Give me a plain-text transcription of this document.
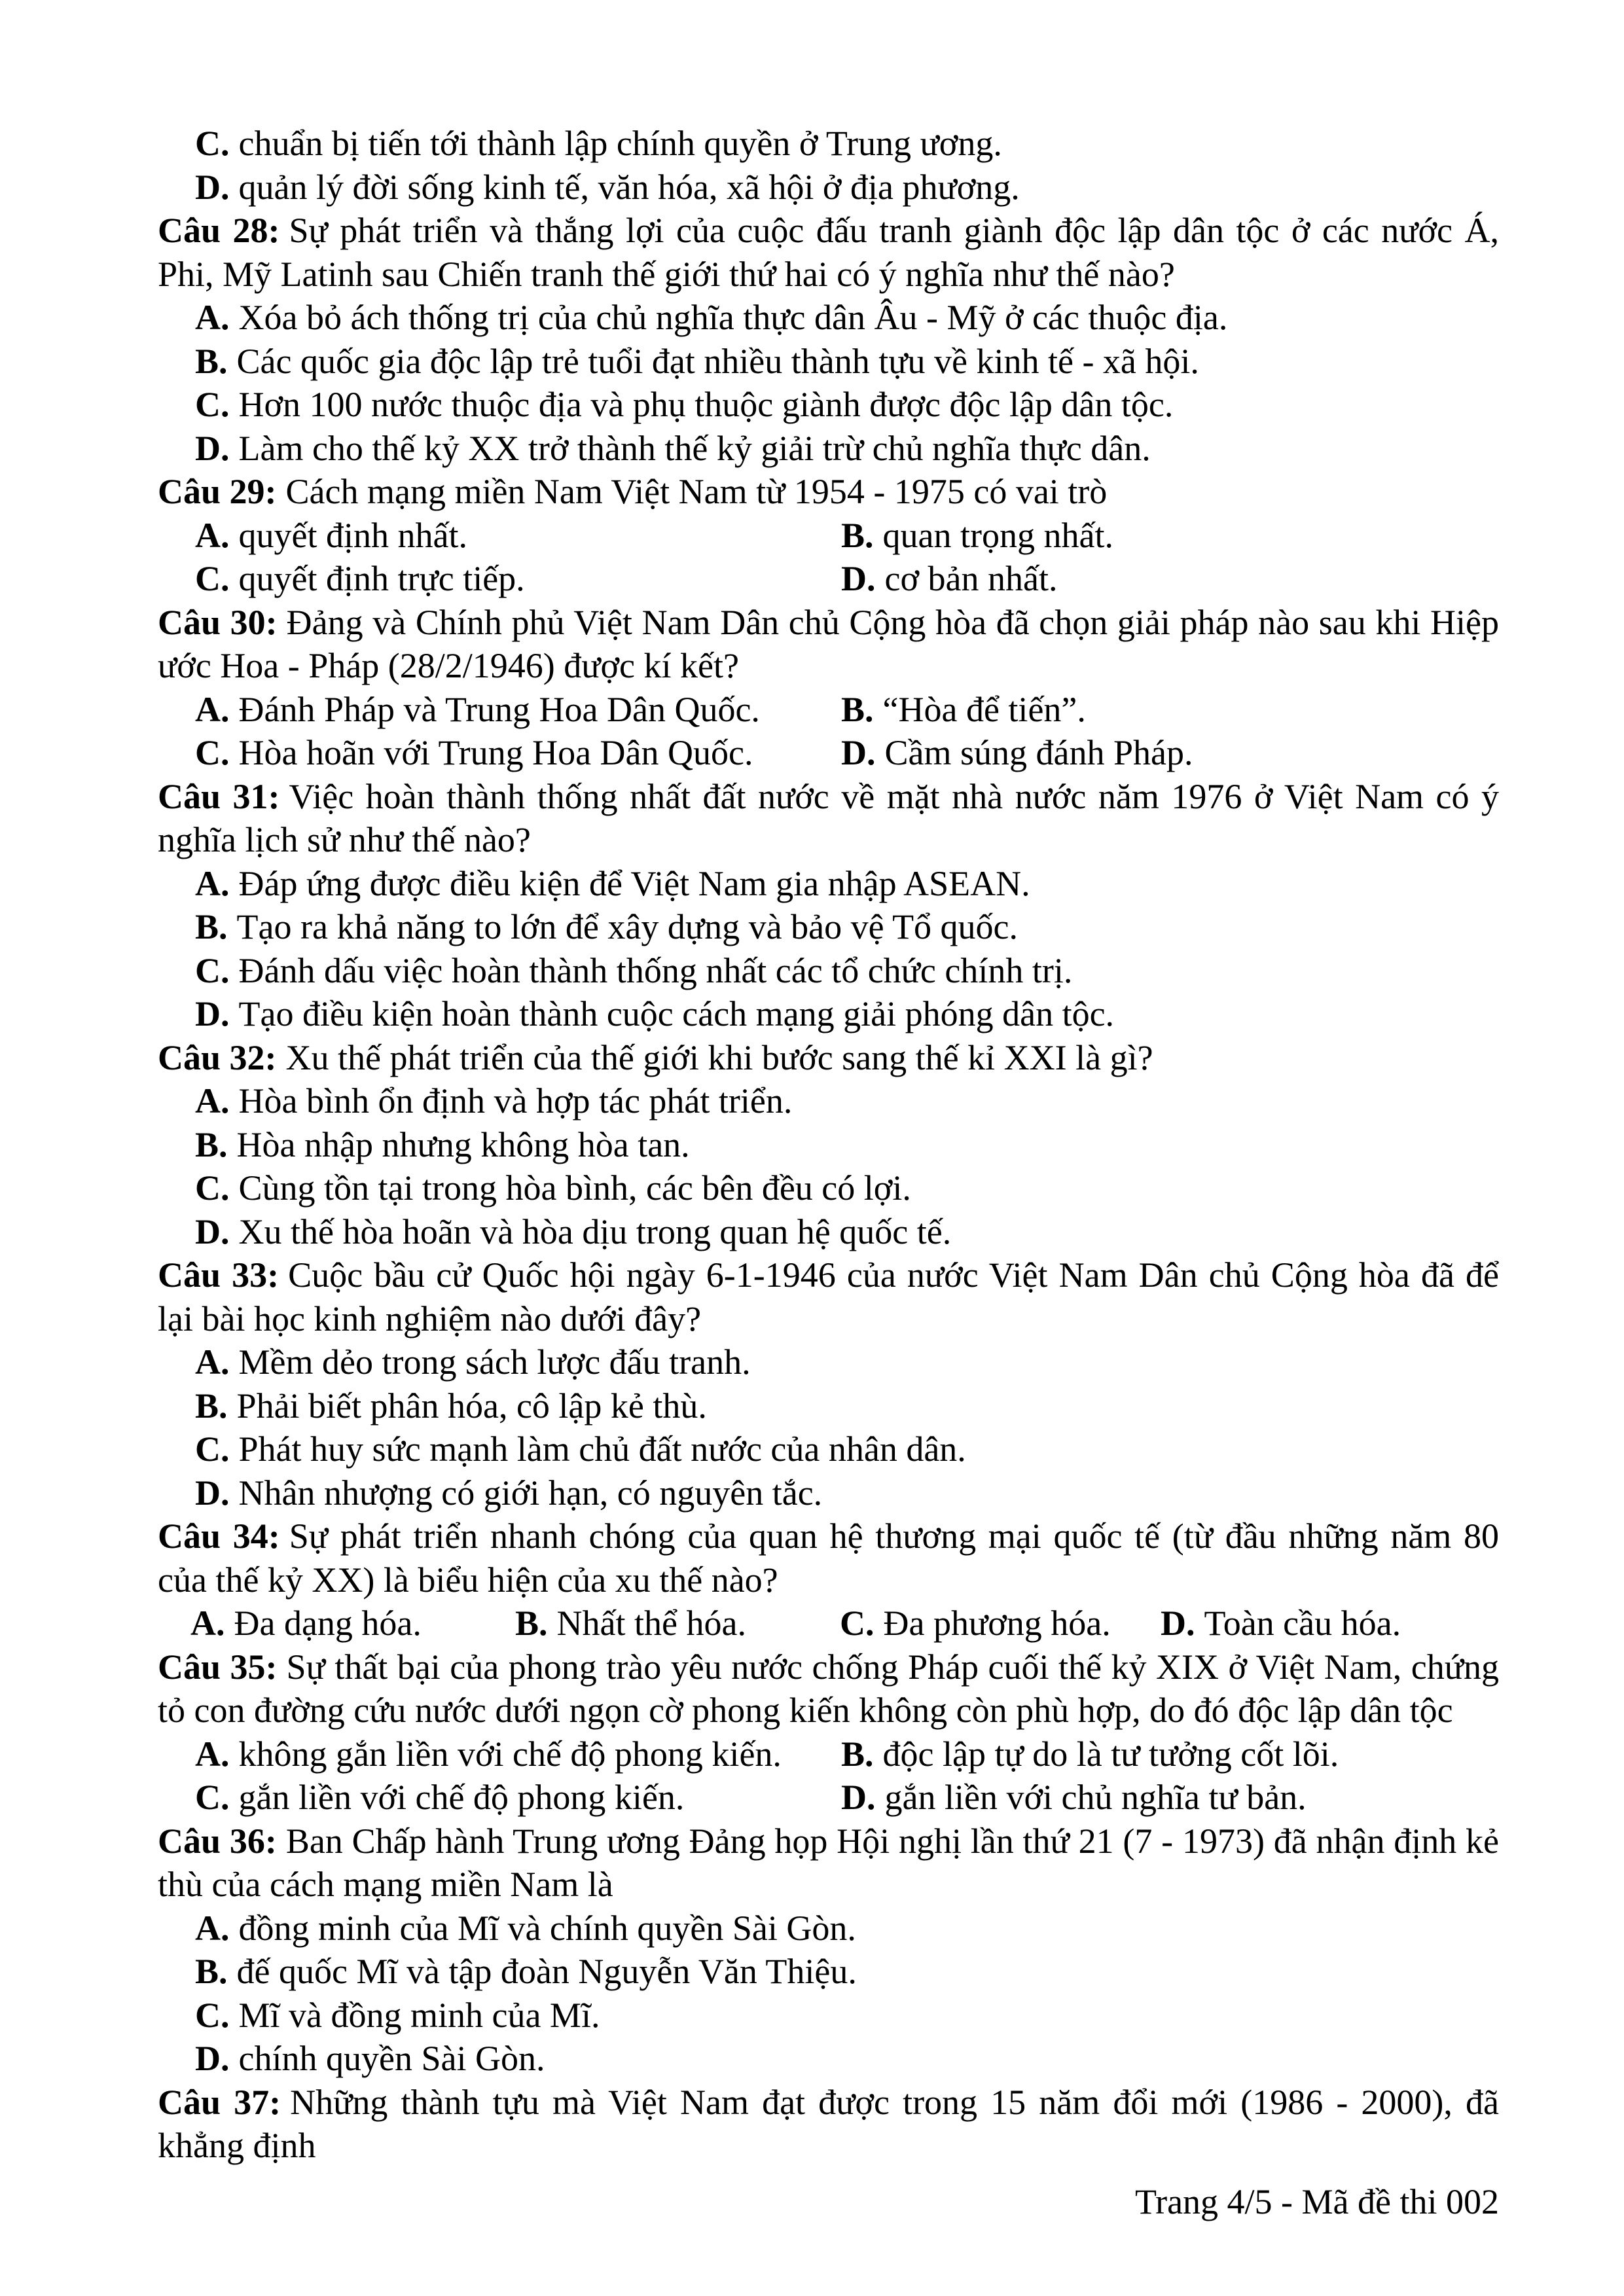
C. chuẩn bị tiến tới thành lập chính quyền ở Trung ương.

D. quản lý đời sống kinh tế, văn hóa, xã hội ở địa phương.

Câu 28: Sự phát triển và thắng lợi của cuộc đấu tranh giành độc lập dân tộc ở các nước Á, Phi, Mỹ Latinh sau Chiến tranh thế giới thứ hai có ý nghĩa như thế nào?

A. Xóa bỏ ách thống trị của chủ nghĩa thực dân Âu - Mỹ ở các thuộc địa.

B. Các quốc gia độc lập trẻ tuổi đạt nhiều thành tựu về kinh tế - xã hội.

C. Hơn 100 nước thuộc địa và phụ thuộc giành được độc lập dân tộc.

D. Làm cho thế kỷ XX trở thành thế kỷ giải trừ chủ nghĩa thực dân.

Câu 29: Cách mạng miền Nam Việt Nam từ 1954 - 1975 có vai trò

A. quyết định nhất.	B. quan trọng nhất.

C. quyết định trực tiếp.	D. cơ bản nhất.

Câu 30: Đảng và Chính phủ Việt Nam Dân chủ Cộng hòa đã chọn giải pháp nào sau khi Hiệp ước Hoa - Pháp (28/2/1946) được kí kết?

A. Đánh Pháp và Trung Hoa Dân Quốc. B. “Hòa để tiến”.

C. Hòa hoãn với Trung Hoa Dân Quốc. D. Cầm súng đánh Pháp.

Câu 31: Việc hoàn thành thống nhất đất nước về mặt nhà nước năm 1976 ở Việt Nam có ý nghĩa lịch sử như thế nào?

A. Đáp ứng được điều kiện để Việt Nam gia nhập ASEAN.

B. Tạo ra khả năng to lớn để xây dựng và bảo vệ Tổ quốc.

C. Đánh dấu việc hoàn thành thống nhất các tổ chức chính trị.

D. Tạo điều kiện hoàn thành cuộc cách mạng giải phóng dân tộc.

Câu 32: Xu thế phát triển của thế giới khi bước sang thế kỉ XXI là gì?

A. Hòa bình ổn định và hợp tác phát triển.

B. Hòa nhập nhưng không hòa tan.

C. Cùng tồn tại trong hòa bình, các bên đều có lợi.

D. Xu thế hòa hoãn và hòa dịu trong quan hệ quốc tế.

Câu 33: Cuộc bầu cử Quốc hội ngày 6-1-1946 của nước Việt Nam Dân chủ Cộng hòa đã để lại bài học kinh nghiệm nào dưới đây?

A. Mềm dẻo trong sách lược đấu tranh.

B. Phải biết phân hóa, cô lập kẻ thù.

C. Phát huy sức mạnh làm chủ đất nước của nhân dân.

D. Nhân nhượng có giới hạn, có nguyên tắc.

Câu 34: Sự phát triển nhanh chóng của quan hệ thương mại quốc tế (từ đầu những năm 80 của thế kỷ XX) là biểu hiện của xu thế nào?

A. Đa dạng hóa.	B. Nhất thể hóa.	C. Đa phương hóa. D. Toàn cầu hóa.

Câu 35: Sự thất bại của phong trào yêu nước chống Pháp cuối thế kỷ XIX ở Việt Nam, chứng tỏ con đường cứu nước dưới ngọn cờ phong kiến không còn phù hợp, do đó độc lập dân tộc

A. không gắn liền với chế độ phong kiến. B. độc lập tự do là tư tưởng cốt lõi.

C. gắn liền với chế độ phong kiến.	D. gắn liền với chủ nghĩa tư bản.

Câu 36: Ban Chấp hành Trung ương Đảng họp Hội nghị lần thứ 21 (7 - 1973) đã nhận định kẻ thù của cách mạng miền Nam là

A. đồng minh của Mĩ và chính quyền Sài Gòn.

B. đế quốc Mĩ và tập đoàn Nguyễn Văn Thiệu.

C. Mĩ và đồng minh của Mĩ.

D. chính quyền Sài Gòn.

Câu 37: Những thành tựu mà Việt Nam đạt được trong 15 năm đổi mới (1986 - 2000), đã khẳng định

Trang 4/5 - Mã đề thi 002
